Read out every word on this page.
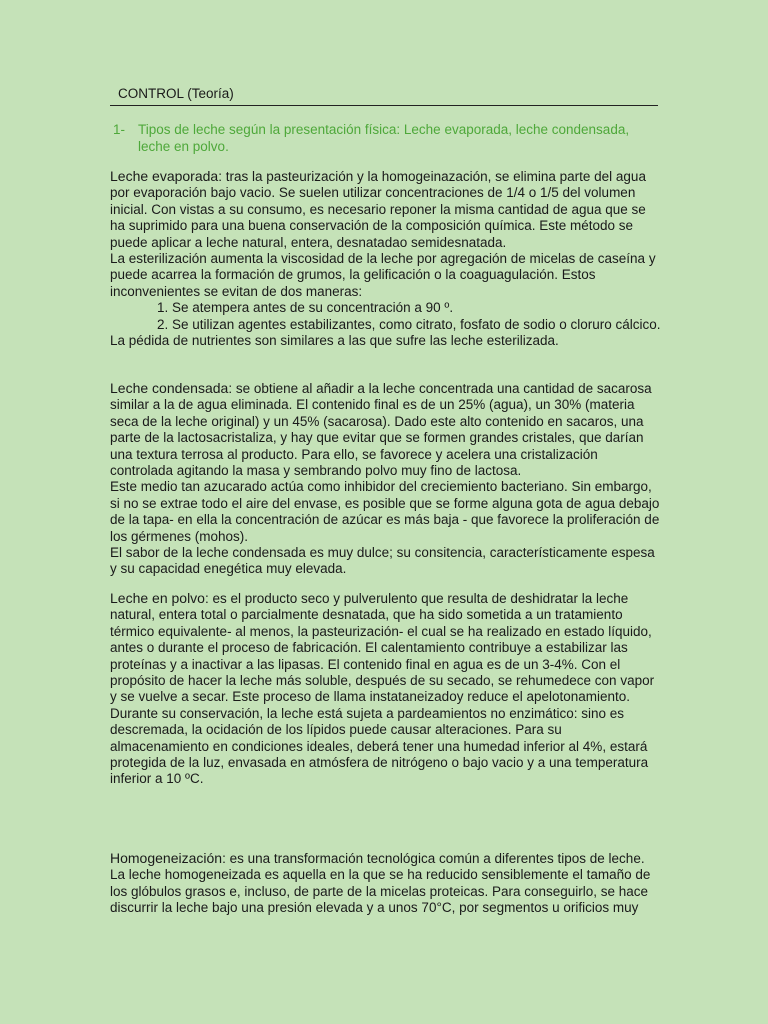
CONTROL (Teoría)
1- Tipos de leche según la presentación física: Leche evaporada, leche condensada, leche en polvo.
Leche evaporada: tras la pasteurización y la homogeinazación, se elimina parte del agua por evaporación bajo vacio. Se suelen utilizar concentraciones de 1/4 o 1/5 del volumen inicial. Con vistas a su consumo, es necesario reponer la misma cantidad de agua que se ha suprimido para una buena conservación de la composición química. Este método se puede aplicar a leche natural, entera, desnatadao semidesnatada.
La esterilización aumenta la viscosidad de la leche por agregación de micelas de caseína y puede acarrea la formación de grumos, la gelificación o la coaguagulación. Estos inconvenientes se evitan de dos maneras:
1. Se atempera antes de su concentración a 90 º.
2. Se utilizan agentes estabilizantes, como citrato, fosfato de sodio o cloruro cálcico.
La pédida de nutrientes son similares a las que sufre las leche esterilizada.
Leche condensada: se obtiene al añadir a la leche concentrada una cantidad de sacarosa similar a la de agua eliminada. El contenido final es de un 25% (agua), un 30% (materia seca de la leche original) y un 45% (sacarosa). Dado este alto contenido en sacaros, una parte de la lactosacristaliza, y hay que evitar que se formen grandes cristales, que darían una textura terrosa al producto. Para ello, se favorece y acelera una cristalización controlada agitando la masa y sembrando polvo muy fino de lactosa.
Este medio tan azucarado actúa como inhibidor del creciemiento bacteriano. Sin embargo, si no se extrae todo el aire del envase, es posible que se forme alguna gota de agua debajo de la tapa- en ella la concentración de azúcar es más baja - que favorece la proliferación de los gérmenes (mohos).
El sabor de la leche condensada es muy dulce; su consitencia, característicamente espesa y su capacidad enegética muy elevada.
Leche en polvo: es el producto seco y pulverulento que resulta de deshidratar la leche natural, entera total o parcialmente desnatada, que ha sido sometida a un tratamiento térmico equivalente- al menos, la pasteurización- el cual se ha realizado en estado líquido, antes o durante el proceso de fabricación. El calentamiento contribuye a estabilizar las proteínas y a inactivar a las lipasas. El contenido final en agua es de un 3-4%. Con el propósito de hacer la leche más soluble, después de su secado, se rehumedece con vapor y se vuelve a secar. Este proceso de llama instataneizadoy reduce el apelotonamiento.
Durante su conservación, la leche está sujeta a pardeamientos no enzimático: sino es descremada, la ocidación de los lípidos puede causar alteraciones. Para su almacenamiento en condiciones ideales, deberá tener una humedad inferior al 4%, estará protegida de la luz, envasada en atmósfera de nitrógeno o bajo vacio y a una temperatura inferior a 10 ºC.
Homogeneización: es una transformación tecnológica común a diferentes tipos de leche. La leche homogeneizada es aquella en la que se ha reducido sensiblemente el tamaño de los glóbulos grasos e, incluso, de parte de la micelas proteicas. Para conseguirlo, se hace discurrir la leche bajo una presión elevada y a unos 70°C, por segmentos u orificios muy
